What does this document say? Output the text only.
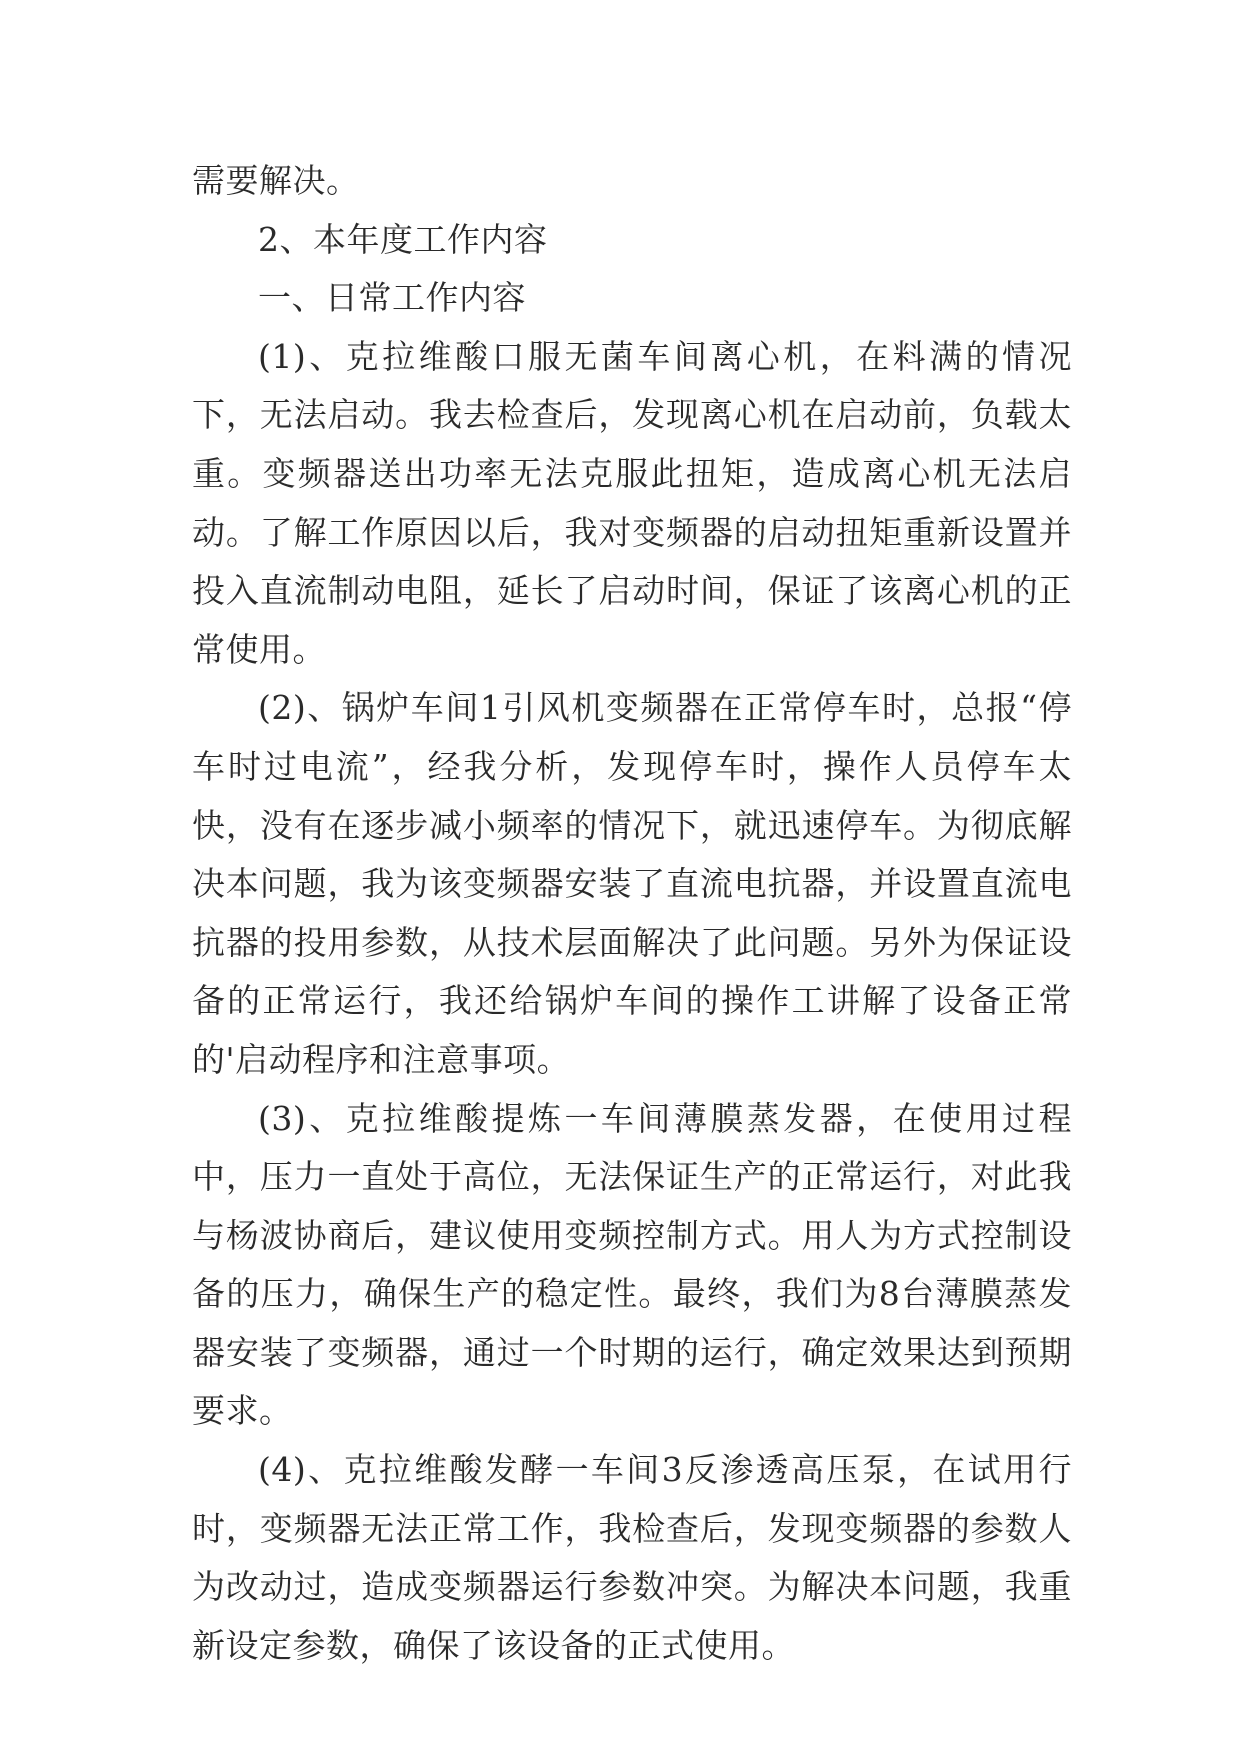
需要解决。

2、本年度工作内容

一、日常工作内容

(1)、克拉维酸口服无菌车间离心机，在料满的情况下，无法启动。我去检查后，发现离心机在启动前，负载太重。变频器送出功率无法克服此扭矩，造成离心机无法启动。了解工作原因以后，我对变频器的启动扭矩重新设置并投入直流制动电阻，延长了启动时间，保证了该离心机的正常使用。

(2)、锅炉车间1引风机变频器在正常停车时，总报“停车时过电流”，经我分析，发现停车时，操作人员停车太快，没有在逐步减小频率的情况下，就迅速停车。为彻底解决本问题，我为该变频器安装了直流电抗器，并设置直流电抗器的投用参数，从技术层面解决了此问题。另外为保证设备的正常运行，我还给锅炉车间的操作工讲解了设备正常的'启动程序和注意事项。

(3)、克拉维酸提炼一车间薄膜蒸发器，在使用过程中，压力一直处于高位，无法保证生产的正常运行，对此我与杨波协商后，建议使用变频控制方式。用人为方式控制设备的压力，确保生产的稳定性。最终，我们为8台薄膜蒸发器安装了变频器，通过一个时期的运行，确定效果达到预期要求。

(4)、克拉维酸发酵一车间3反渗透高压泵，在试用行时，变频器无法正常工作，我检查后，发现变频器的参数人为改动过，造成变频器运行参数冲突。为解决本问题，我重新设定参数，确保了该设备的正式使用。
